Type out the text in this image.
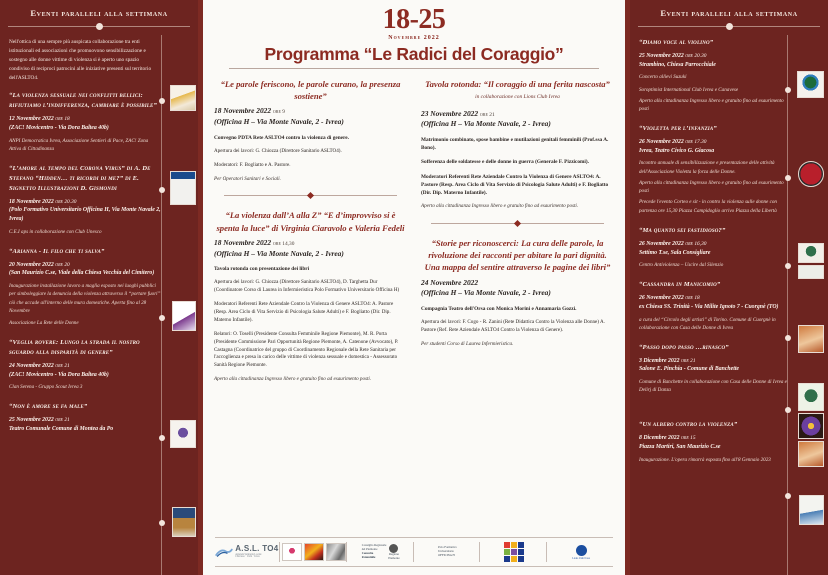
Eventi paralleli alla settimana
Nell'ottica di una sempre più auspicata collaborazione tra enti istituzionali ed associazioni che promuovono sensibilizzazione e sostegno alle donne vittime di violenza si è aperto uno spazio condiviso di reciproci patrocini alle iniziative presenti sul territorio dell'ASLTO4.
“La violenza sessuale nei conflitti bellici: rifiutiamo l’indifferenza, cambiare è possibile”
12 Novembre 2022 ore 18
(ZAC! Movicentro - Via Dora Baltea 40b)
ANPI Democratica Ivrea, Associazione Sentieri di Pace, ZAC! Zona Attiva di Cittadinanza
“L’amore al tempo del Corona Virus” di A. De Stefano “Hidden… ti ricordi di me?” di E. Signetto Illustrazioni D. Gismondi
18 Novembre 2022 ore 20.30
(Polo Formativo Universitario Officina H, Via Monte Navale 2, Ivrea)
C.E.I aps in collaborazione con Club Unesco
“Arianna - Il filo che ti salva”
20 Novembre 2022 ore 20
(San Maurizio C.se, Viale della Chiesa Vecchia del Cimitero)
Inaugurazione installazione lavoro a maglia esposto nei luoghi pubblici per simboleggiare la denuncia della violenza attraverso il “portare fuori” ciò che accade all'interno delle mura domestiche. Aperta fino al 28 Novembre
Associazione La Rete delle Donne
“Veglia rovere: Lungo la strada il nostro sguardo alla disparità di genere”
24 Novembre 2022 ore 21
(ZAC! Movicentro - Via Dora Baltea 40b)
Clan Serena - Gruppo Scout Ivrea 3
“Non è amore se fa male”
25 Novembre 2022 ore 21
Teatro Comunale Comune di Montea da Po
18-25
Novembre 2022
Programma “Le Radici del Coraggio”
“Le parole feriscono, le parole curano, la presenza sostiene”
18 Novembre 2022 ore 9
(Officina H – Via Monte Navale, 2 - Ivrea)
Convegno PDTA Rete ASLTO4 contro la violenza di genere.
Apertura dei lavori: G. Chiozza (Direttore Sanitario ASLTO4).
Moderatori: F. Bogliatto e A. Pastore.
Per Operatori Sanitari e Sociali.
“La violenza dall’A alla Z” “E d’improvviso si è spenta la luce” di Virginia Ciaravolo e Valeria Fedeli
18 Novembre 2022 ore 14,30
(Officina H – Via Monte Navale, 2 - Ivrea)
Tavola rotonda con presentazione dei libri
Apertura dei lavori: G. Chiozza (Direttore Sanitario ASLTO4), D. Targhetta Dur (Coordinatore Corso di Laurea in Infermieristica Polo Formativo Universitario Officina H)
Moderatori Referenti Rete Aziendale Contro la Violenza di Genere ASLTO4: A. Pastore (Resp. Area Ciclo di Vita Servizio di Psicologia Salute Adulti) e F. Bogliatto (Dir. Dip. Materno Infantile).
Relatori: O. Toselli (Presidente Consulta Femminile Regione Piemonte), M. R. Porta (Presidente Commissione Pari Opportunità Regione Piemonte, A. Catenone (Avvocato), P. Castagna (Coordinatrice del gruppo di Coordinamento Regionale della Rete Sanitaria per l'accoglienza e presa in carico delle vittime di violenza sessuale e domestica - Assessorato Sanità Regione Piemonte.
Aperto alla cittadinanza Ingresso libero e gratuito fino ad esaurimento posti.
Tavola rotonda: “Il coraggio di una ferita nascosta”
in collaborazione con Lions Club Ivrea
23 Novembre 2022 ore 21
(Officina H – Via Monte Navale, 2 - Ivrea)
Matrimonio combinato, spose bambine e mutilazioni genitali femminili (Prof.ssa A. Bono).
Sofferenza delle soldatesse e delle donne in guerra (Generale F. Pizzicomi).
Moderatori Referenti Rete Aziendale Contro la Violenza di Genere ASLTO4: A. Pastore (Resp. Area Ciclo di Vita Servizio di Psicologia Salute Adulti) e F. Bogliatto (Dir. Dip. Materno Infantile).
Aperto alla cittadinanza Ingresso libero e gratuito fino ad esaurimento posti.
“Storie per riconoscerci: La cura delle parole, la rivoluzione dei racconti per abitare la pari dignità. Una mappa del sentire attraverso le pagine dei libri”
24 Novembre 2022
(Officina H – Via Monte Navale, 2 - Ivrea)
Compagnia Teatro dell'Orsa con Monica Morini e Annamaria Gozzi.
Apertura dei lavori: F. Cogo - R. Zanini (Rete Didattica Contro la Violenza alle Donne) A. Pastore (Ref. Rete Aziendale ASLTO4 Contro la Violenza di Genere).
Per studenti Corso di Laurea Infermieristica.
A.S.L. TO4
Azienda Sanitaria Locale
Chivasso · Ciriè · Ivrea
Consiglio Regionale
del Piemonte
Consulta
Femminile
Regione
Piemonte
Polo Formativo
Universitario
OFFICINA H
Lions Club Ivrea
Eventi paralleli alla settimana
“Diamo voce al violino”
25 Novembre 2022 ore 20.30
Strambino, Chiesa Parrocchiale
Concerto allievi Suzuki
Soroptimist International Club Ivrea e Canavese
Aperto alla cittadinanza Ingresso libero e gratuito fino ad esaurimento posti
“Violetta per l’infanzia”
26 Novembre 2022 ore 17.30
Ivrea, Teatro Civico G. Giacosa
Incontro annuale di sensibilizzazione e presentazione delle attività dell'Associazione Violetta la forza delle Donne.
Aperto alla cittadinanza Ingresso libero e gratuito fino ad esaurimento posti
Precede l'evento Corteo e sit - in contro la violenza sulle donne con partenza ore 15,30 Piazza Campidoglio arrivo Piazza della Libertà
“Ma quanto sei fastidioso?”
26 Novembre 2022 ore 16,30
Settimo T.se, Sala Consigliare
Centro Antiviolenza – Uscire dal Silenzio
“Cassandra in Manicomio”
26 Novembre 2022 ore 18
ex Chiesa SS. Trinità - Via Milite Ignoto 7 - Cuorgnè (TO)
a cura del “Circolo degli artisti” di Torino. Comune di Cuorgnè in collaborazione con Casa delle Donne di Ivrea
“Passo dopo passo …rinasco”
3 Dicembre 2022 ore 21
Salone E. Pinchia - Comune di Banchette
Comune di Banchette in collaborazione con Casa delle Donne di Ivrea e Delirj di Danza
“Un albero contro la violenza”
8 Dicembre 2022 ore 15
Piazza Martiri, San Maurizio C.se
Inaugurazione. L'opera rimarrà esposta fino all'8 Gennaio 2023
